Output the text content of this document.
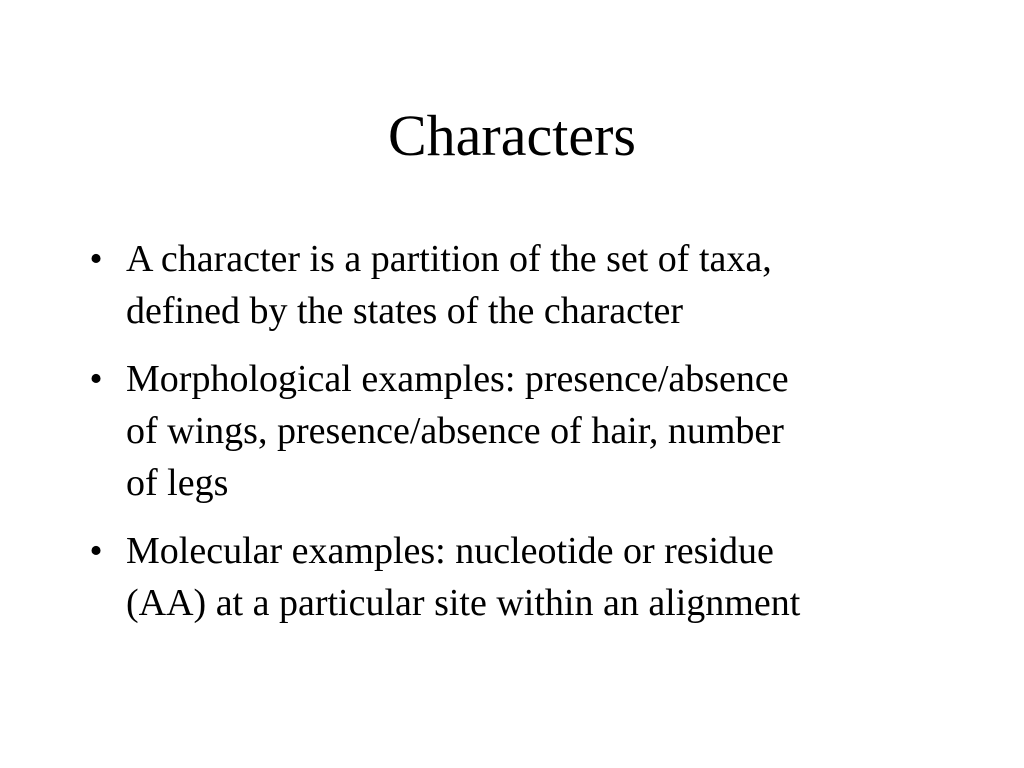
Characters
• A character is a partition of the set of taxa,
defined by the states of the character
• Morphological examples: presence/absence
of wings, presence/absence of hair, number
of legs
• Molecular examples: nucleotide or residue
(AA) at a particular site within an alignment
